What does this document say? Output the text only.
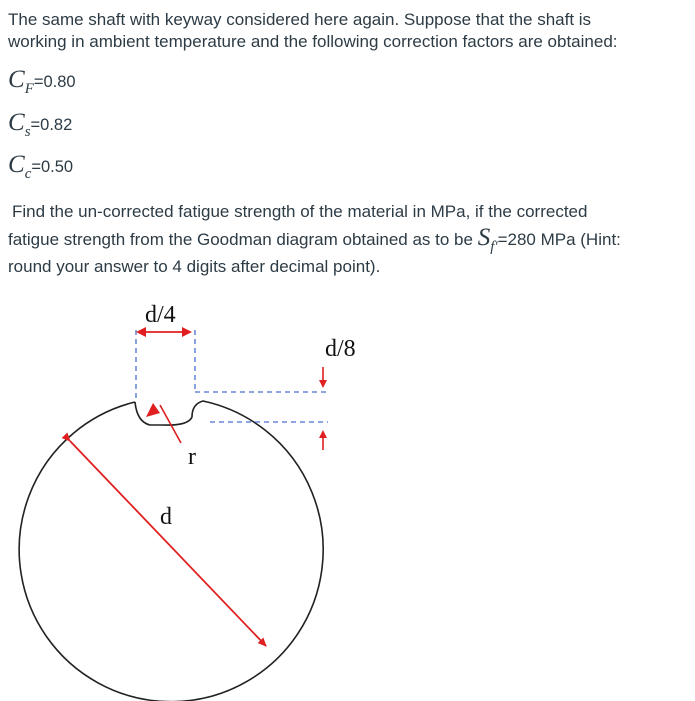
The same shaft with keyway considered here again. Suppose that the shaft is
working in ambient temperature and the following correction factors are obtained:

CF=0.80
Cs=0.82
Cc=0.50

Find the un-corrected fatigue strength of the material in MPa, if the corrected
fatigue strength from the Goodman diagram obtained as to be Sf'=280 MPa (Hint:
round your answer to 4 digits after decimal point).

d/4
d/8
r
d
